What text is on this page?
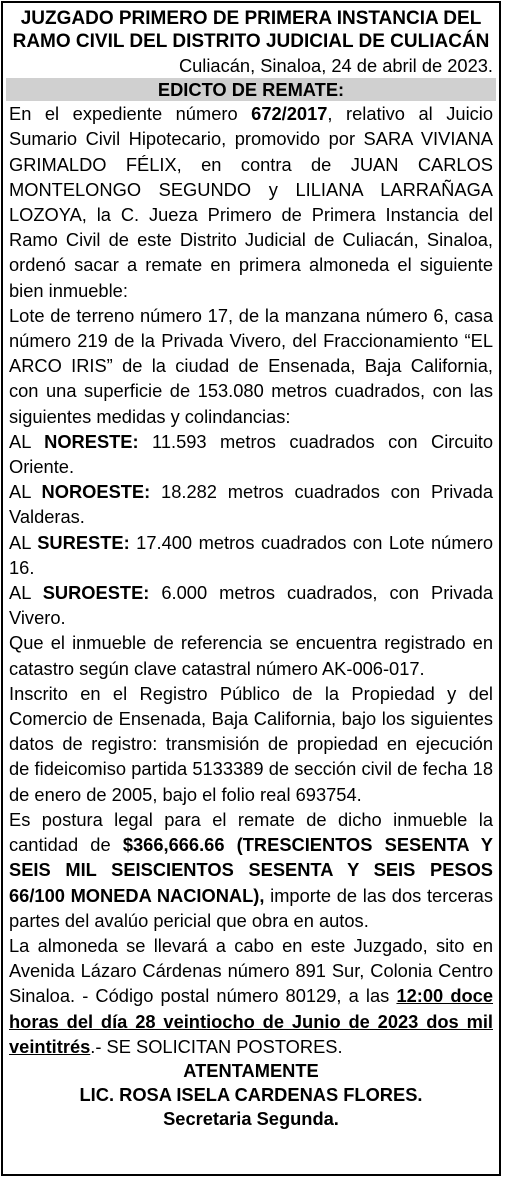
JUZGADO PRIMERO DE PRIMERA INSTANCIA DEL
RAMO CIVIL DEL DISTRITO JUDICIAL DE CULIACÁN
Culiacán, Sinaloa, 24 de abril de 2023.
EDICTO DE REMATE:

En el expediente número 672/2017, relativo al Juicio Sumario Civil Hipotecario, promovido por SARA VIVIANA GRIMALDO FÉLIX, en contra de JUAN CARLOS MONTELONGO SEGUNDO y LILIANA LARRAÑAGA LOZOYA, la C. Jueza Primero de Primera Instancia del Ramo Civil de este Distrito Judicial de Culiacán, Sinaloa, ordenó sacar a remate en primera almoneda el siguiente bien inmueble:

Lote de terreno número 17, de la manzana número 6, casa número 219 de la Privada Vivero, del Fraccionamiento “EL ARCO IRIS” de la ciudad de Ensenada, Baja California, con una superficie de 153.080 metros cuadrados, con las siguientes medidas y colindancias:

AL NORESTE: 11.593 metros cuadrados con Circuito Oriente.

AL NOROESTE: 18.282 metros cuadrados con Privada Valderas.

AL SURESTE: 17.400 metros cuadrados con Lote número 16.

AL SUROESTE: 6.000 metros cuadrados, con Privada Vivero.

Que el inmueble de referencia se encuentra registrado en catastro según clave catastral número AK-006-017.

Inscrito en el Registro Público de la Propiedad y del Comercio de Ensenada, Baja California, bajo los siguientes datos de registro: transmisión de propiedad en ejecución de fideicomiso partida 5133389 de sección civil de fecha 18 de enero de 2005, bajo el folio real 693754.

Es postura legal para el remate de dicho inmueble la cantidad de $366,666.66 (TRESCIENTOS SESENTA Y SEIS MIL SEISCIENTOS SESENTA Y SEIS PESOS 66/100 MONEDA NACIONAL), importe de las dos terceras partes del avalúo pericial que obra en autos.

La almoneda se llevará a cabo en este Juzgado, sito en Avenida Lázaro Cárdenas número 891 Sur, Colonia Centro Sinaloa. - Código postal número 80129, a las 12:00 doce horas del día 28 veintiocho de Junio de 2023 dos mil veintitrés.- SE SOLICITAN POSTORES.

ATENTAMENTE
LIC. ROSA ISELA CARDENAS FLORES.
Secretaria Segunda.
